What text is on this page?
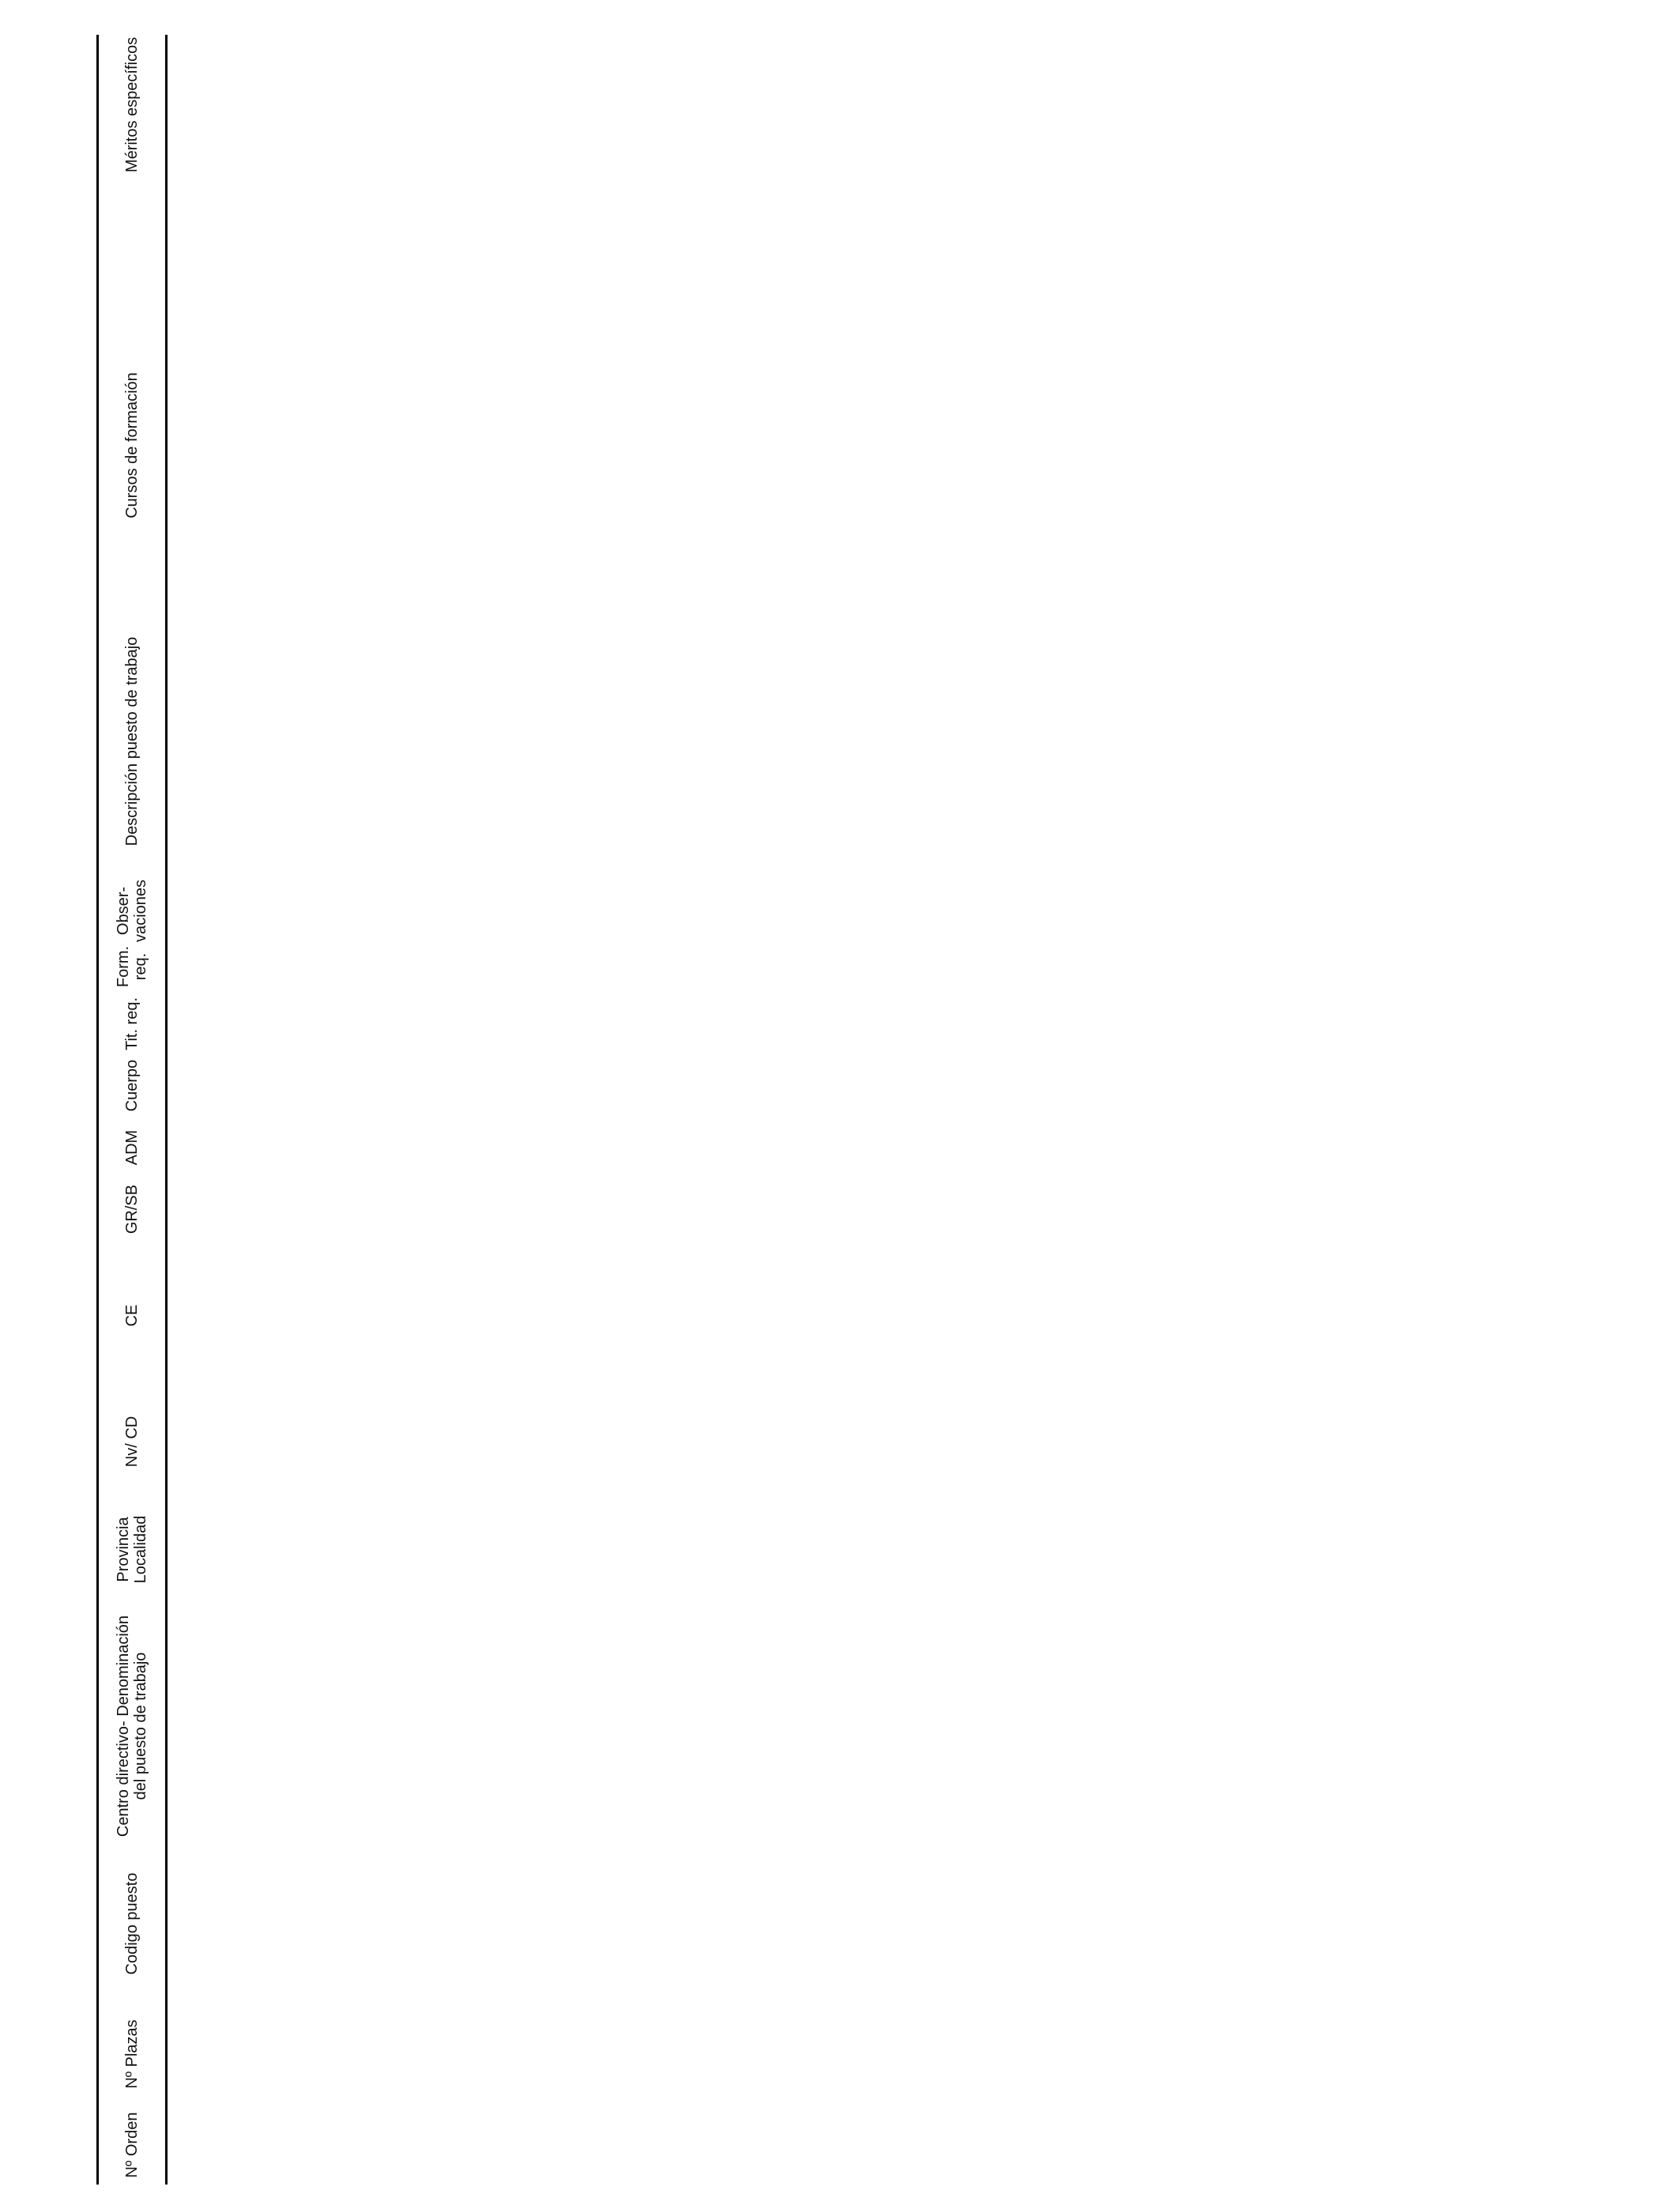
Nº Orden
Nº Plazas
Codigo puesto
Centro directivo- Denominación del puesto de trabajo
Provincia Localidad
Nv/ CD
CE
GR/SB
ADM
Cuerpo
Tit. req.
Form. req.
Obser- vaciones
Descripción puesto de trabajo
Cursos de formación
Méritos específicos
